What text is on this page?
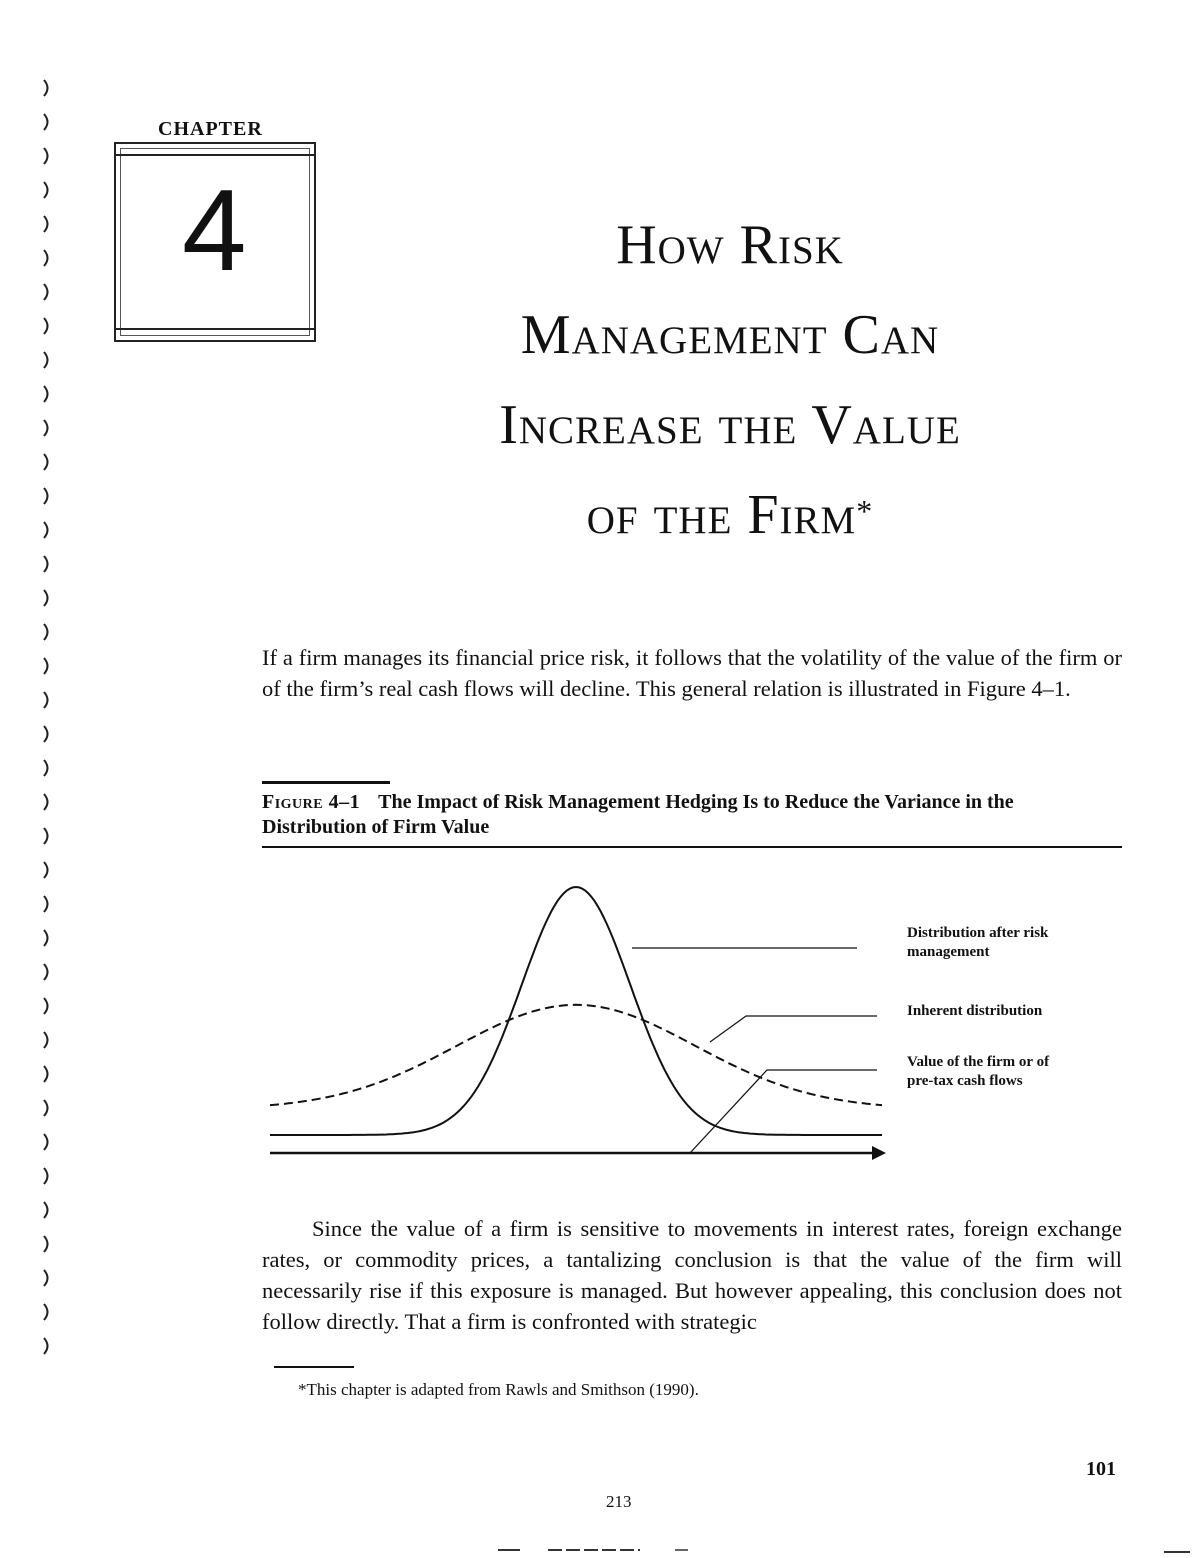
CHAPTER
4	How Risk
Management Can
Increase the Value
of the Firm*
If a firm manages its financial price risk, it follows that the volatility of the value of the firm or of the firm’s real cash flows will decline. This general relation is illustrated in Figure 4–1.
Figure 4–1 The Impact of Risk Management Hedging Is to Reduce the Variance in the Distribution of Firm Value
Distribution after risk
management
Inherent distribution
Value of the firm or of
pre-tax cash flows
Since the value of a firm is sensitive to movements in interest rates, foreign exchange rates, or commodity prices, a tantalizing conclusion is that the value of the firm will necessarily rise if this exposure is managed. But however appealing, this conclusion does not follow directly. That a firm is confronted with strategic
*This chapter is adapted from Rawls and Smithson (1990).
101
213
